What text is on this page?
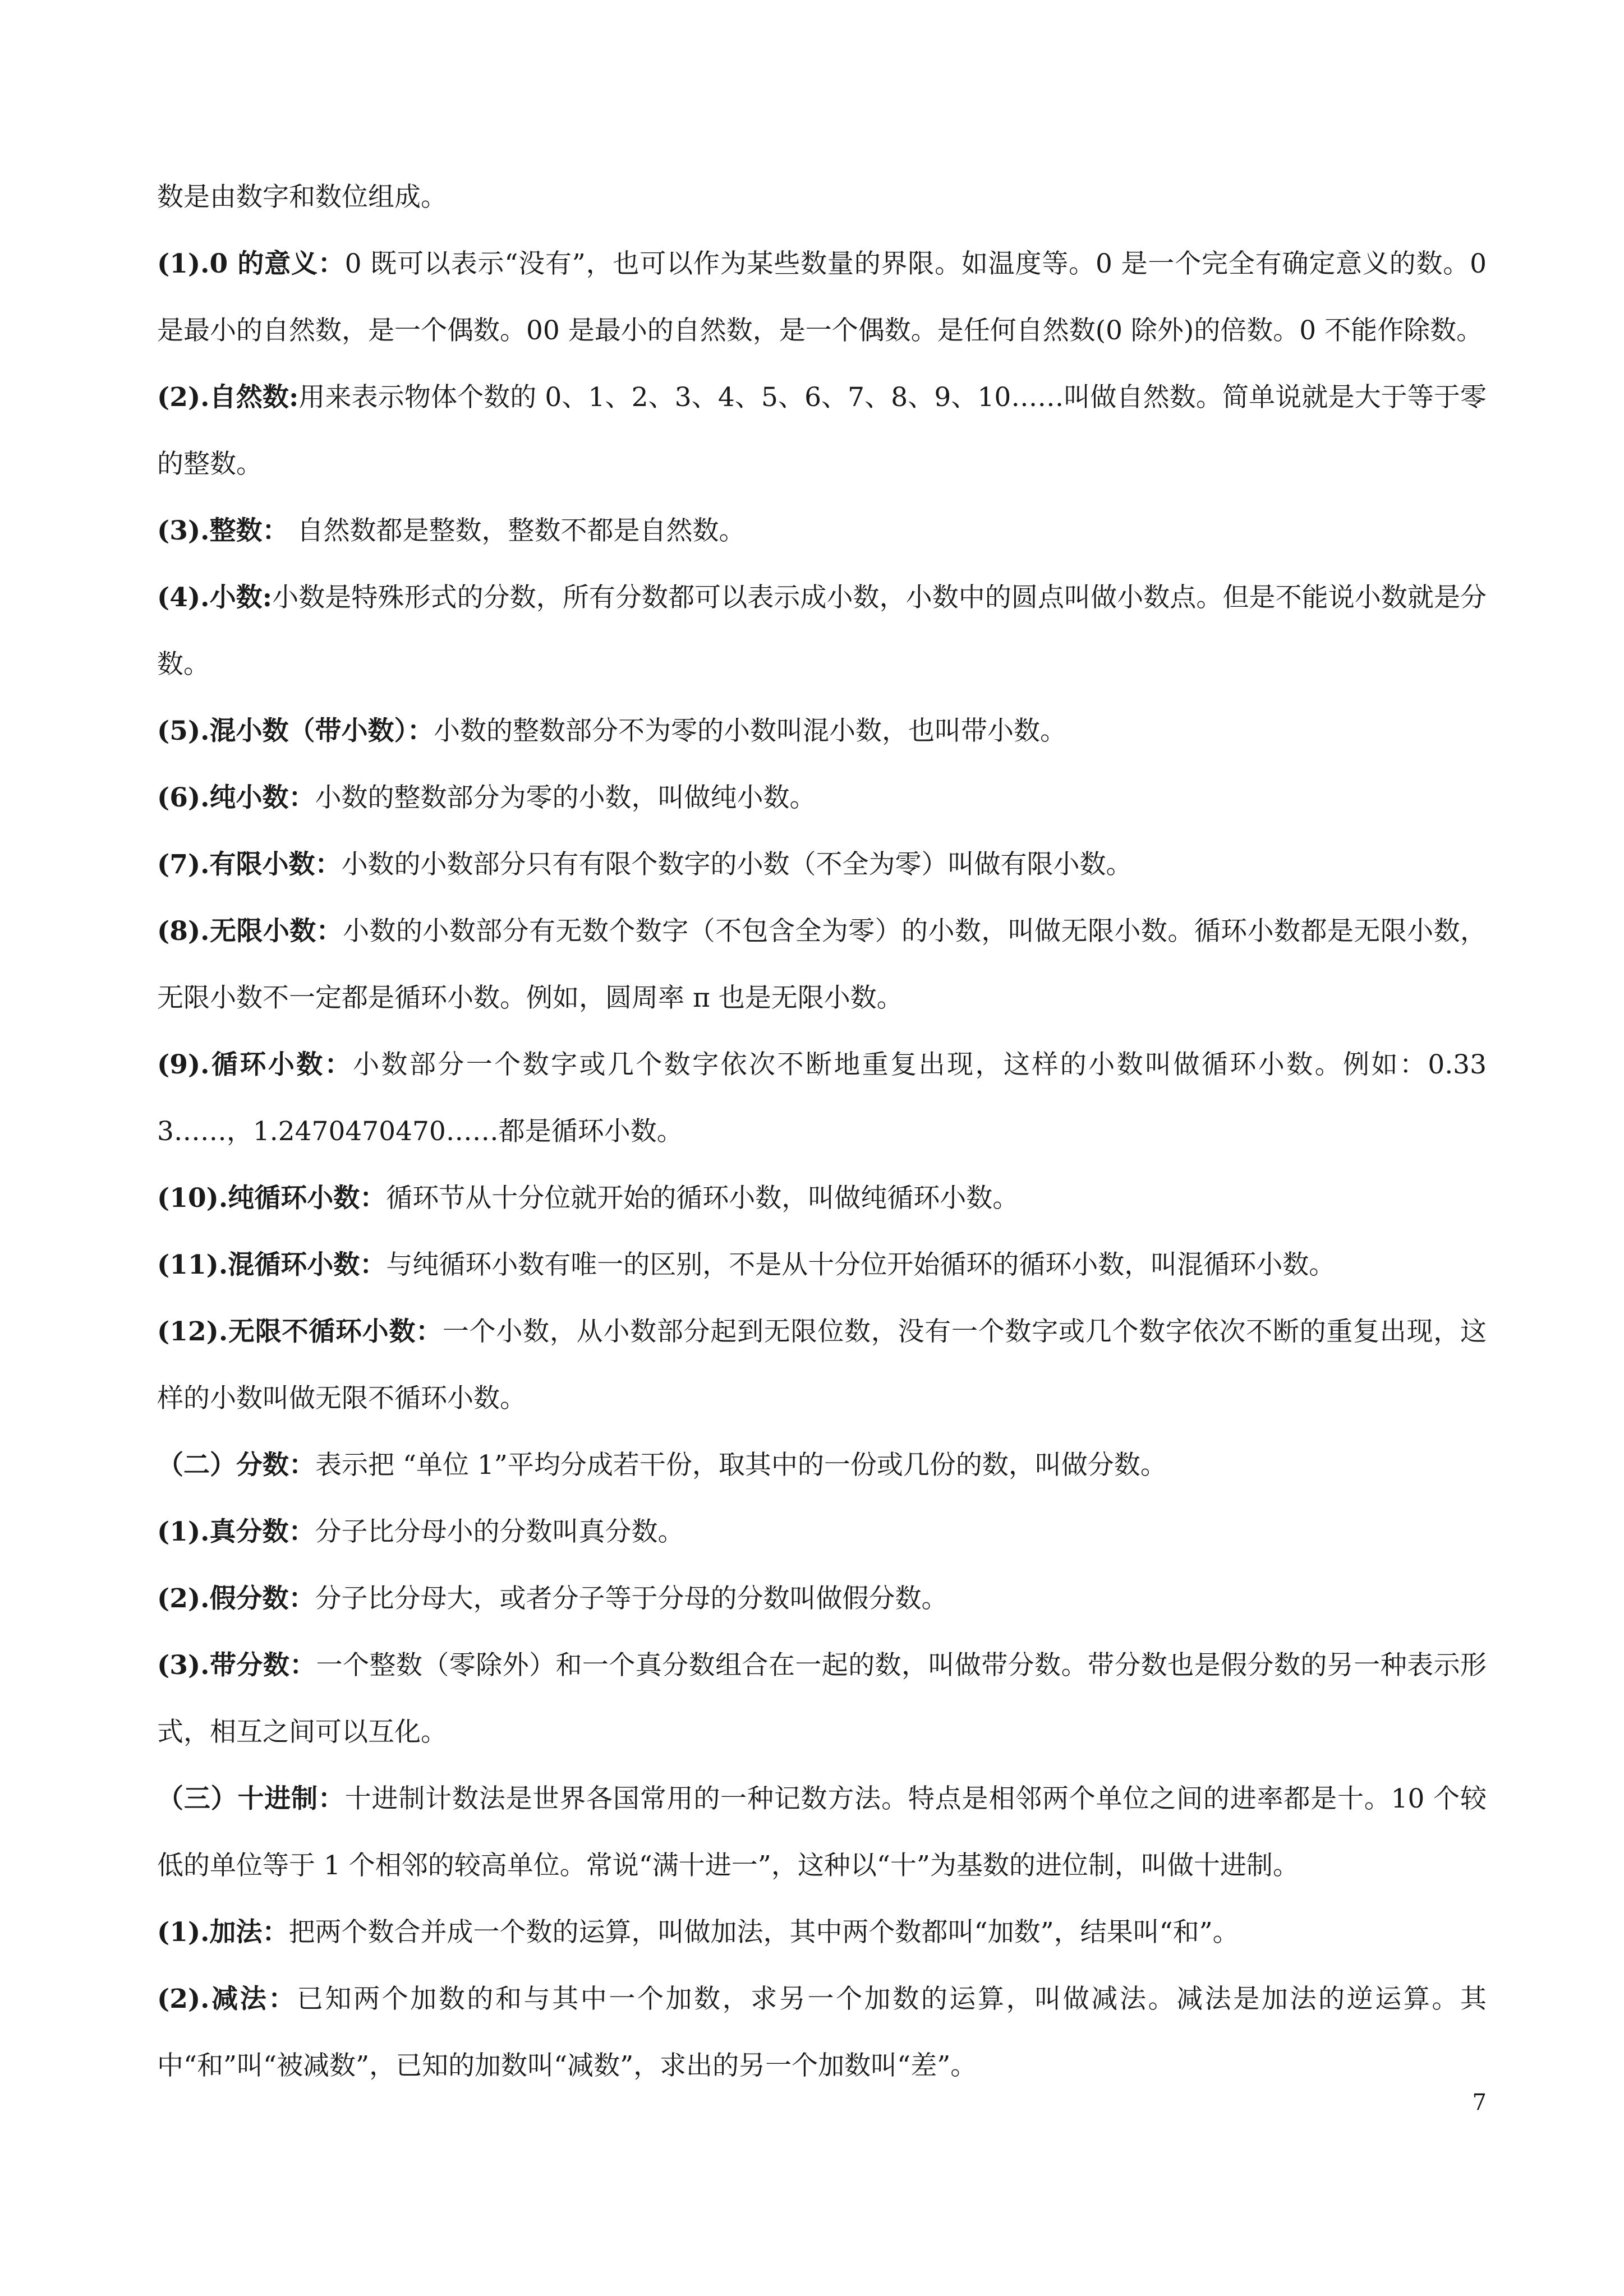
数是由数字和数位组成。

(1).0 的意义：0 既可以表示“没有”，也可以作为某些数量的界限。如温度等。0 是一个完全有确定意义的数。0 是最小的自然数，是一个偶数。00 是最小的自然数，是一个偶数。是任何自然数(0 除外)的倍数。0 不能作除数。

(2).自然数:用来表示物体个数的 0、1、2、3、4、5、6、7、8、9、10……叫做自然数。简单说就是大于等于零的整数。

(3).整数： 自然数都是整数，整数不都是自然数。

(4).小数:小数是特殊形式的分数，所有分数都可以表示成小数，小数中的圆点叫做小数点。但是不能说小数就是分数。

(5).混小数（带小数）：小数的整数部分不为零的小数叫混小数，也叫带小数。

(6).纯小数：小数的整数部分为零的小数，叫做纯小数。

(7).有限小数：小数的小数部分只有有限个数字的小数（不全为零）叫做有限小数。

(8).无限小数：小数的小数部分有无数个数字（不包含全为零）的小数，叫做无限小数。循环小数都是无限小数，无限小数不一定都是循环小数。例如，圆周率 π 也是无限小数。

(9).循环小数：小数部分一个数字或几个数字依次不断地重复出现，这样的小数叫做循环小数。例如：0.333……，1.2470470470……都是循环小数。

(10).纯循环小数：循环节从十分位就开始的循环小数，叫做纯循环小数。

(11).混循环小数：与纯循环小数有唯一的区别，不是从十分位开始循环的循环小数，叫混循环小数。

(12).无限不循环小数：一个小数，从小数部分起到无限位数，没有一个数字或几个数字依次不断的重复出现，这样的小数叫做无限不循环小数。

（二）分数：表示把 “单位 1”平均分成若干份，取其中的一份或几份的数，叫做分数。

(1).真分数：分子比分母小的分数叫真分数。

(2).假分数：分子比分母大，或者分子等于分母的分数叫做假分数。

(3).带分数：一个整数（零除外）和一个真分数组合在一起的数，叫做带分数。带分数也是假分数的另一种表示形式，相互之间可以互化。

（三）十进制：十进制计数法是世界各国常用的一种记数方法。特点是相邻两个单位之间的进率都是十。10 个较低的单位等于 1 个相邻的较高单位。常说“满十进一”，这种以“十”为基数的进位制，叫做十进制。

(1).加法：把两个数合并成一个数的运算，叫做加法，其中两个数都叫“加数”，结果叫“和”。

(2).减法：已知两个加数的和与其中一个加数，求另一个加数的运算，叫做减法。减法是加法的逆运算。其中“和”叫“被减数”，已知的加数叫“减数”，求出的另一个加数叫“差”。

7
